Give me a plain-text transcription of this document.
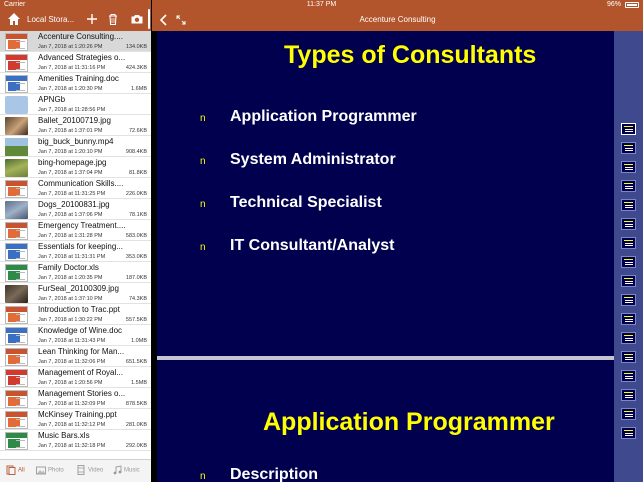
Local Stora...
Accenture Consulting....
Jan 7, 2018 at 1:20:26 PM	134.0KB
Advanced Strategies o...
Jan 7, 2018 at 11:31:16 PM	424.3KB
Amenities Training.doc
Jan 7, 2018 at 1:20:30 PM	1.6MB
APNGb
Jan 7, 2018 at 11:28:56 PM
Ballet_20100719.jpg
Jan 7, 2018 at 1:37:01 PM	72.6KB
big_buck_bunny.mp4
Jan 7, 2018 at 1:20:10 PM	908.4KB
bing-homepage.jpg
Jan 7, 2018 at 1:37:04 PM	81.8KB
Communication Skills....
Jan 7, 2018 at 11:31:25 PM	226.0KB
Dogs_20100831.jpg
Jan 7, 2018 at 1:37:06 PM	78.1KB
Emergency Treatment....
Jan 7, 2018 at 1:31:28 PM	583.0KB
Essentials for keeping...
Jan 7, 2018 at 11:31:31 PM	353.0KB
Family Doctor.xls
Jan 7, 2018 at 1:20:35 PM	187.0KB
FurSeal_20100309.jpg
Jan 7, 2018 at 1:37:10 PM	74.3KB
Introduction to Trac.ppt
Jan 7, 2018 at 1:30:22 PM	557.5KB
Knowledge of Wine.doc
Jan 7, 2018 at 11:31:43 PM	1.0MB
Lean Thinking for Man...
Jan 7, 2018 at 11:32:06 PM	651.5KB
Management of Royal...
Jan 7, 2018 at 1:20:56 PM	1.5MB
Management Stories o...
Jan 7, 2018 at 11:32:09 PM	878.5KB
McKinsey Training.ppt
Jan 7, 2018 at 11:32:12 PM	281.0KB
Music Bars.xls
Jan 7, 2018 at 11:32:18 PM	292.0KB
All	Photo	Video	Music
Accenture Consulting
Types of Consultants
n Application Programmer
n System Administrator
n Technical Specialist
n IT Consultant/Analyst
Application Programmer
n Description
Carrier	11:37 PM	96%
